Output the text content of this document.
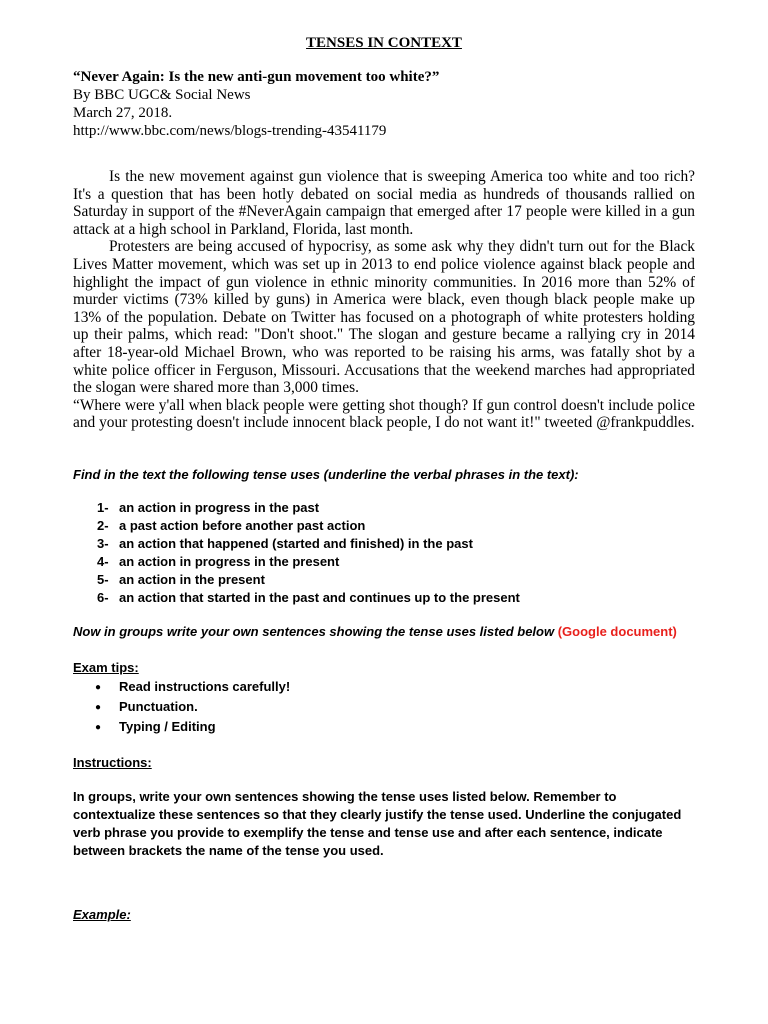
TENSES IN CONTEXT
“Never Again: Is the new anti-gun movement too white?”
By BBC UGC& Social News
March 27, 2018.
http://www.bbc.com/news/blogs-trending-43541179

Is the new movement against gun violence that is sweeping America too white and too rich? It's a question that has been hotly debated on social media as hundreds of thousands rallied on Saturday in support of the #NeverAgain campaign that emerged after 17 people were killed in a gun attack at a high school in Parkland, Florida, last month.

Protesters are being accused of hypocrisy, as some ask why they didn't turn out for the Black Lives Matter movement, which was set up in 2013 to end police violence against black people and highlight the impact of gun violence in ethnic minority communities. In 2016 more than 52% of murder victims (73% killed by guns) in America were black, even though black people make up 13% of the population. Debate on Twitter has focused on a photograph of white protesters holding up their palms, which read: "Don't shoot." The slogan and gesture became a rallying cry in 2014 after 18-year-old Michael Brown, who was reported to be raising his arms, was fatally shot by a white police officer in Ferguson, Missouri. Accusations that the weekend marches had appropriated the slogan were shared more than 3,000 times.

“Where were y'all when black people were getting shot though? If gun control doesn't include police and your protesting doesn't include innocent black people, I do not want it!" tweeted @frankpuddles.

Find in the text the following tense uses (underline the verbal phrases in the text):
1- an action in progress in the past
2- a past action before another past action
3- an action that happened (started and finished) in the past
4- an action in progress in the present
5- an action in the present
6- an action that started in the past and continues up to the present
Now in groups write your own sentences showing the tense uses listed below (Google document)
Exam tips:
● Read instructions carefully!
● Punctuation.
● Typing / Editing
Instructions:
In groups, write your own sentences showing the tense uses listed below. Remember to contextualize these sentences so that they clearly justify the tense used. Underline the conjugated verb phrase you provide to exemplify the tense and tense use and after each sentence, indicate between brackets the name of the tense you used.
Example:
